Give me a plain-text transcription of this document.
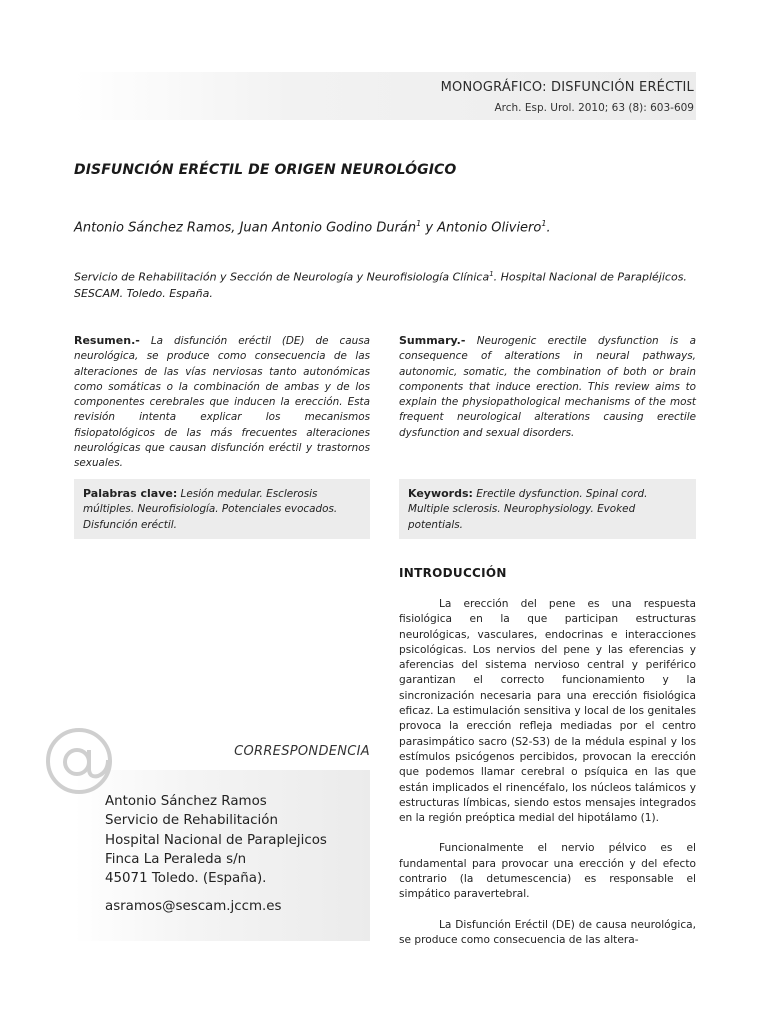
MONOGRÁFICO: DISFUNCIÓN ERÉCTIL
Arch. Esp. Urol. 2010; 63 (8): 603-609
DISFUNCIÓN ERÉCTIL DE ORIGEN NEUROLÓGICO
Antonio Sánchez Ramos, Juan Antonio Godino Durán$^1$ y Antonio Oliviero$^1$.
Servicio de Rehabilitación y Sección de Neurología y Neurofisiología Clínica$^1$. Hospital Nacional de Parapléjicos. SESCAM. Toledo. España.
Resumen.- La disfunción eréctil (DE) de causa neurológica, se produce como consecuencia de las alteraciones de las vías nerviosas tanto autonómicas como somáticas o la combinación de ambas y de los componentes cerebrales que inducen la erección. Esta revisión intenta explicar los mecanismos fisiopatológicos de las más frecuentes alteraciones neurológicas que causan disfunción eréctil y trastornos sexuales.
Summary.- Neurogenic erectile dysfunction is a consequence of alterations in neural pathways, autonomic, somatic, the combination of both or brain components that induce erection. This review aims to explain the physiopathological mechanisms of the most frequent neurological alterations causing erectile dysfunction and sexual disorders.
Palabras clave: Lesión medular. Esclerosis múltiples. Neurofisiología. Potenciales evocados. Disfunción eréctil.
Keywords: Erectile dysfunction. Spinal cord. Multiple sclerosis. Neurophysiology. Evoked potentials.
CORRESPONDENCIA
Antonio Sánchez Ramos
Servicio de Rehabilitación
Hospital Nacional de Paraplejicos
Finca La Peraleda s/n
45071 Toledo. (España).
asramos@sescam.jccm.es
INTRODUCCIÓN

La erección del pene es una respuesta fisiológica en la que participan estructuras neurológicas, vasculares, endocrinas e interacciones psicológicas. Los nervios del pene y las eferencias y aferencias del sistema nervioso central y periférico garantizan el correcto funcionamiento y la sincronización necesaria para una erección fisiológica eficaz. La estimulación sensitiva y local de los genitales provoca la erección refleja mediadas por el centro parasimpático sacro (S2-S3) de la médula espinal y los estímulos psicógenos percibidos, provocan la erección que podemos llamar cerebral o psíquica en las que están implicados el rinencéfalo, los núcleos talámicos y estructuras límbicas, siendo estos mensajes integrados en la región preóptica medial del hipotálamo (1).

Funcionalmente el nervio pélvico es el fundamental para provocar una erección y del efecto contrario (la detumescencia) es responsable el simpático paravertebral.

La Disfunción Eréctil (DE) de causa neurológica, se produce como consecuencia de las altera-
